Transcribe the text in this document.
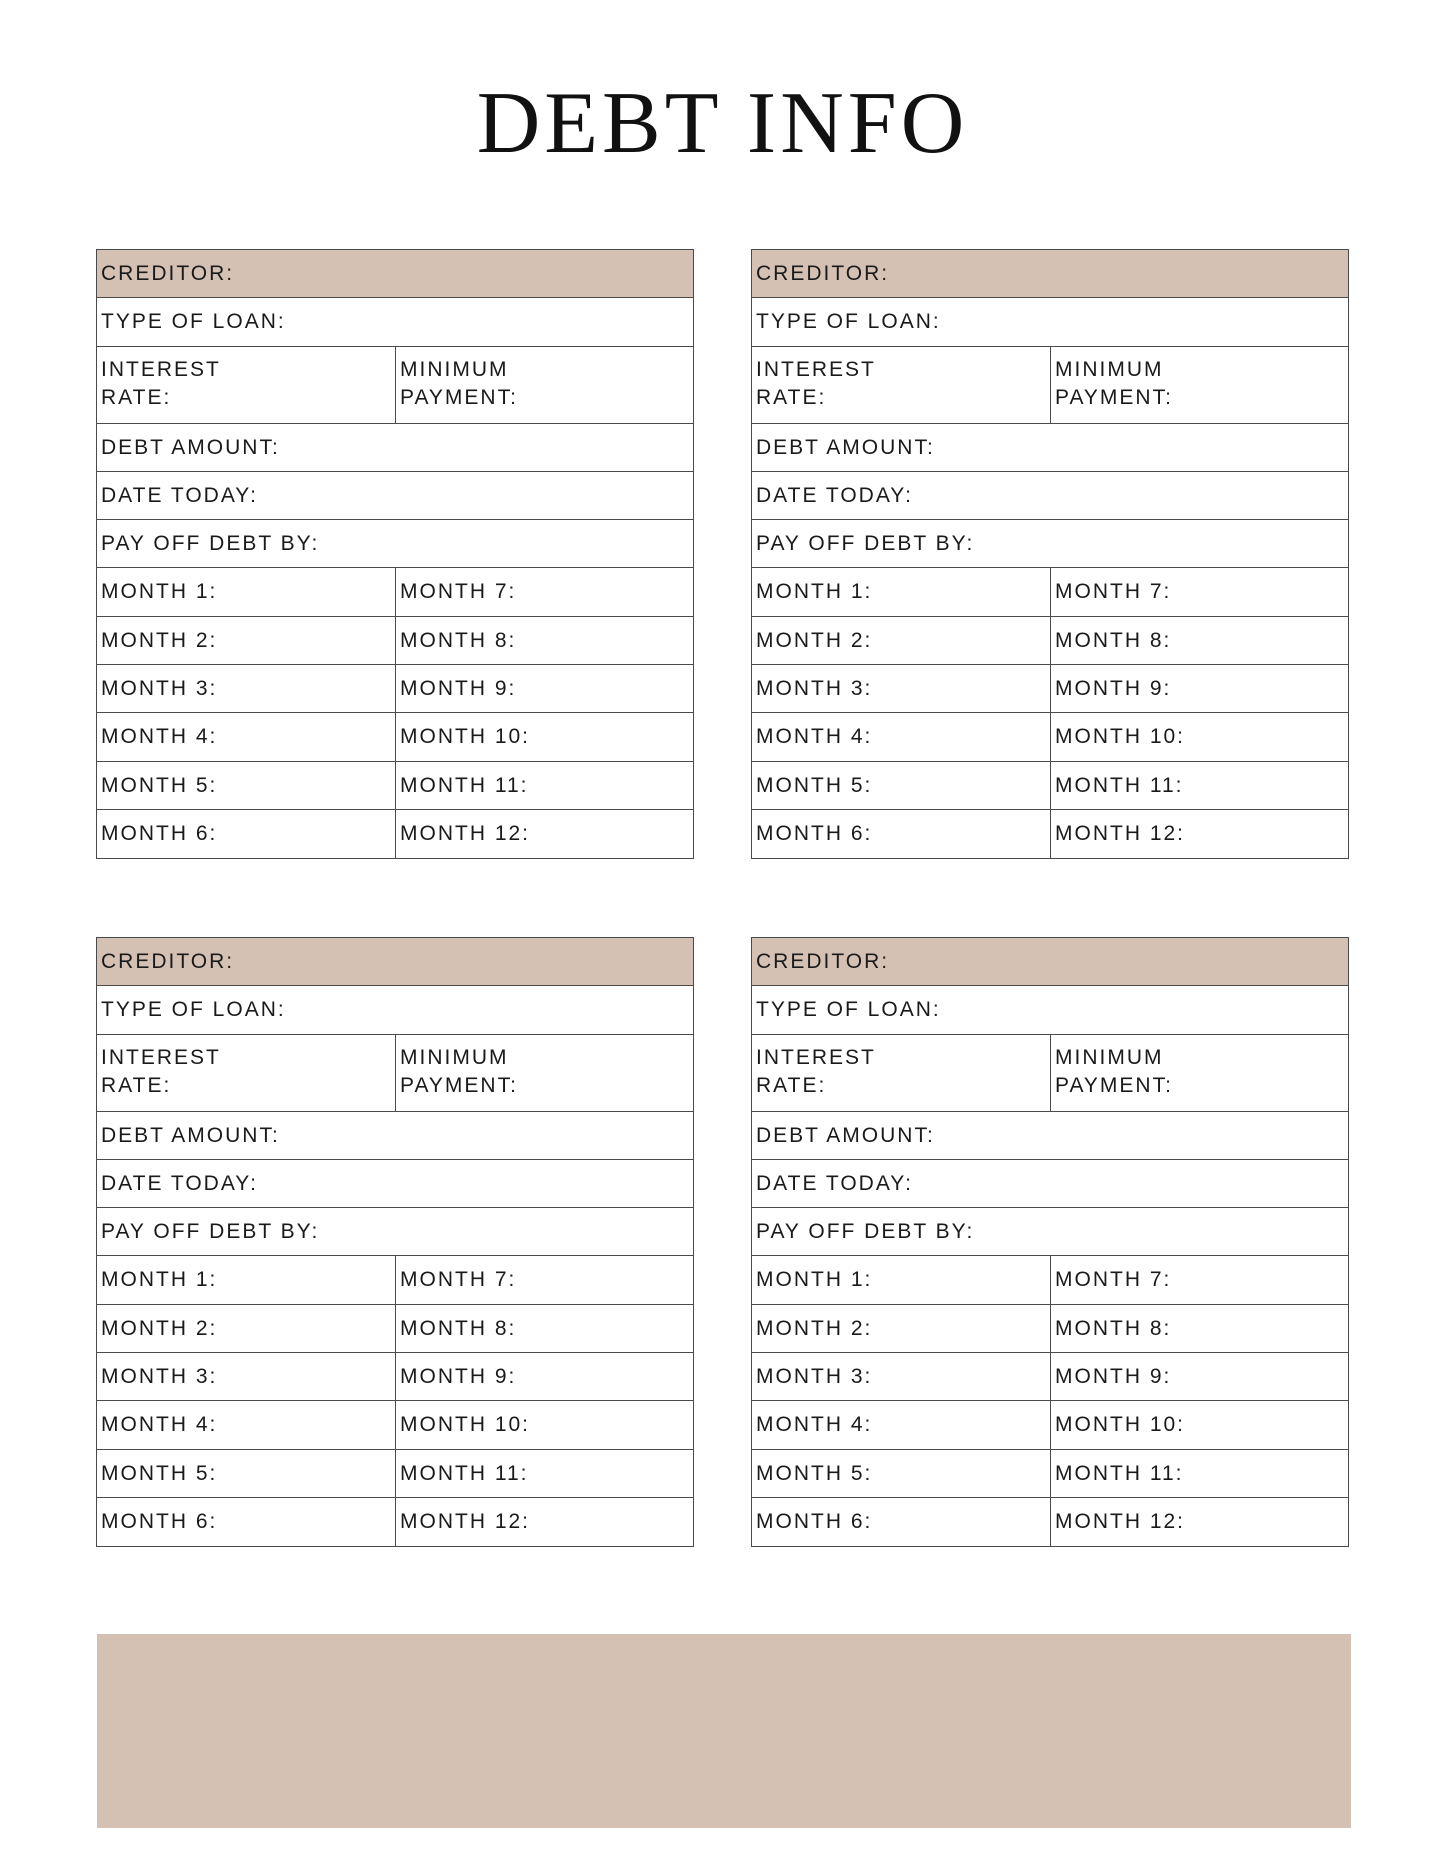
DEBT INFO
CREDITOR:
TYPE OF LOAN:
INTEREST
RATE:
MINIMUM
PAYMENT:
DEBT AMOUNT:
DATE TODAY:
PAY OFF DEBT BY:
MONTH 1:	MONTH 7:
MONTH 2:	MONTH 8:
MONTH 3:	MONTH 9:
MONTH 4:	MONTH 10:
MONTH 5:	MONTH 11:
MONTH 6:	MONTH 12:
CREDITOR:
TYPE OF LOAN:
INTEREST
RATE:
MINIMUM
PAYMENT:
DEBT AMOUNT:
DATE TODAY:
PAY OFF DEBT BY:
MONTH 1:	MONTH 7:
MONTH 2:	MONTH 8:
MONTH 3:	MONTH 9:
MONTH 4:	MONTH 10:
MONTH 5:	MONTH 11:
MONTH 6:	MONTH 12:
CREDITOR:
TYPE OF LOAN:
INTEREST
RATE:
MINIMUM
PAYMENT:
DEBT AMOUNT:
DATE TODAY:
PAY OFF DEBT BY:
MONTH 1:	MONTH 7:
MONTH 2:	MONTH 8:
MONTH 3:	MONTH 9:
MONTH 4:	MONTH 10:
MONTH 5:	MONTH 11:
MONTH 6:	MONTH 12:
CREDITOR:
TYPE OF LOAN:
INTEREST
RATE:
MINIMUM
PAYMENT:
DEBT AMOUNT:
DATE TODAY:
PAY OFF DEBT BY:
MONTH 1:	MONTH 7:
MONTH 2:	MONTH 8:
MONTH 3:	MONTH 9:
MONTH 4:	MONTH 10:
MONTH 5:	MONTH 11:
MONTH 6:	MONTH 12:
